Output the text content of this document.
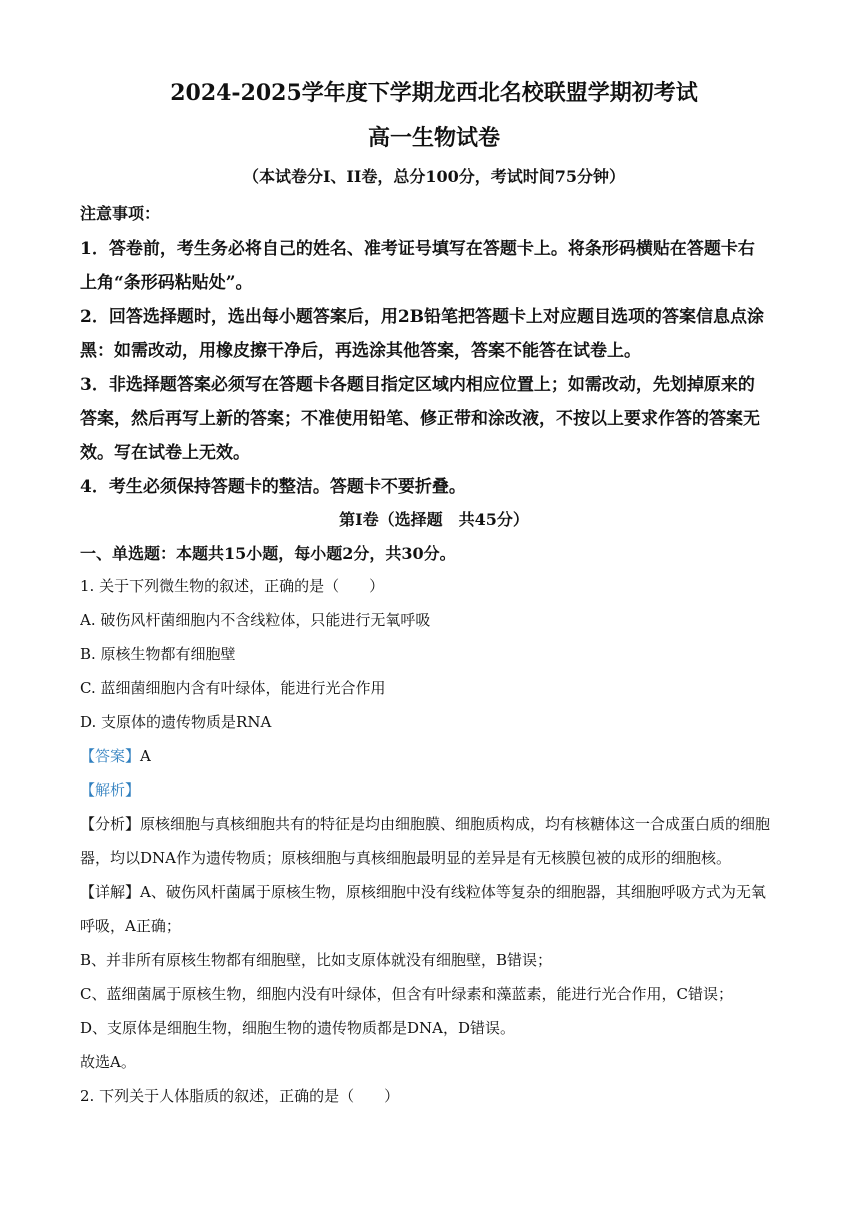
2024-2025学年度下学期龙西北名校联盟学期初考试
高一生物试卷
（本试卷分I、II卷，总分100分，考试时间75分钟）
注意事项：
1．答卷前，考生务必将自己的姓名、准考证号填写在答题卡上。将条形码横贴在答题卡右
上角“条形码粘贴处”。
2．回答选择题时，选出每小题答案后，用2B铅笔把答题卡上对应题目选项的答案信息点涂
黑：如需改动，用橡皮擦干净后，再选涂其他答案，答案不能答在试卷上。
3．非选择题答案必须写在答题卡各题目指定区域内相应位置上；如需改动，先划掉原来的
答案，然后再写上新的答案；不准使用铅笔、修正带和涂改液，不按以上要求作答的答案无
效。写在试卷上无效。
4．考生必须保持答题卡的整洁。答题卡不要折叠。
第I卷（选择题　共45分）
一、单选题：本题共15小题，每小题2分，共30分。
1. 关于下列微生物的叙述，正确的是（　　）
A. 破伤风杆菌细胞内不含线粒体，只能进行无氧呼吸
B. 原核生物都有细胞壁
C. 蓝细菌细胞内含有叶绿体，能进行光合作用
D. 支原体的遗传物质是RNA
【答案】A
【解析】
【分析】原核细胞与真核细胞共有的特征是均由细胞膜、细胞质构成，均有核糖体这一合成蛋白质的细胞
器，均以DNA作为遗传物质；原核细胞与真核细胞最明显的差异是有无核膜包被的成形的细胞核。
【详解】A、破伤风杆菌属于原核生物，原核细胞中没有线粒体等复杂的细胞器，其细胞呼吸方式为无氧
呼吸，A正确；
B、并非所有原核生物都有细胞壁，比如支原体就没有细胞壁，B错误；
C、蓝细菌属于原核生物，细胞内没有叶绿体，但含有叶绿素和藻蓝素，能进行光合作用，C错误；
D、支原体是细胞生物，细胞生物的遗传物质都是DNA，D错误。
故选A。
2. 下列关于人体脂质的叙述，正确的是（　　）
